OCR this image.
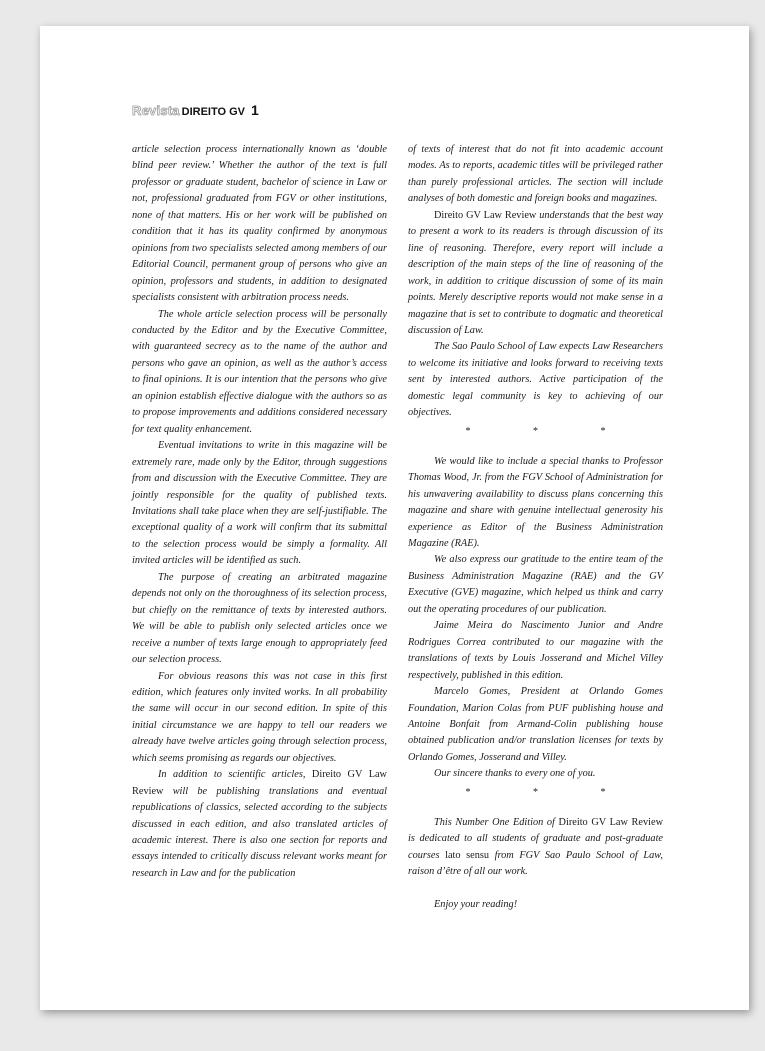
Revista DIREITO GV 1

article selection process internationally known as ‘double blind peer review.’ Whether the author of the text is full professor or graduate student, bachelor of science in Law or not, professional graduated from FGV or other institutions, none of that matters. His or her work will be published on condition that it has its quality confirmed by anonymous opinions from two specialists selected among members of our Editorial Council, permanent group of persons who give an opinion, professors and students, in addition to designated specialists consistent with arbitration process needs.

The whole article selection process will be personally conducted by the Editor and by the Executive Committee, with guaranteed secrecy as to the name of the author and persons who gave an opinion, as well as the author’s access to final opinions. It is our intention that the persons who give an opinion establish effective dialogue with the authors so as to propose improvements and additions considered necessary for text quality enhancement.

Eventual invitations to write in this magazine will be extremely rare, made only by the Editor, through suggestions from and discussion with the Executive Committee. They are jointly responsible for the quality of published texts. Invitations shall take place when they are self-justifiable. The exceptional quality of a work will confirm that its submittal to the selection process would be simply a formality. All invited articles will be identified as such.

The purpose of creating an arbitrated magazine depends not only on the thoroughness of its selection process, but chiefly on the remittance of texts by interested authors. We will be able to publish only selected articles once we receive a number of texts large enough to appropriately feed our selection process.

For obvious reasons this was not case in this first edition, which features only invited works. In all probability the same will occur in our second edition. In spite of this initial circumstance we are happy to tell our readers we already have twelve articles going through selection process, which seems promising as regards our objectives.

In addition to scientific articles, Direito GV Law Review will be publishing translations and eventual republications of classics, selected according to the subjects discussed in each edition, and also translated articles of academic interest. There is also one section for reports and essays intended to critically discuss relevant works meant for research in Law and for the publication

of texts of interest that do not fit into academic account modes. As to reports, academic titles will be privileged rather than purely professional articles. The section will include analyses of both domestic and foreign books and magazines.

Direito GV Law Review understands that the best way to present a work to its readers is through discussion of its line of reasoning. Therefore, every report will include a description of the main steps of the line of reasoning of the work, in addition to critique discussion of some of its main points. Merely descriptive reports would not make sense in a magazine that is set to contribute to dogmatic and theoretical discussion of Law.

The Sao Paulo School of Law expects Law Researchers to welcome its initiative and looks forward to receiving texts sent by interested authors. Active participation of the domestic legal community is key to achieving of our objectives.

* * *

We would like to include a special thanks to Professor Thomas Wood, Jr. from the FGV School of Administration for his unwavering availability to discuss plans concerning this magazine and share with genuine intellectual generosity his experience as Editor of the Business Administration Magazine (RAE).

We also express our gratitude to the entire team of the Business Administration Magazine (RAE) and the GV Executive (GVE) magazine, which helped us think and carry out the operating procedures of our publication.

Jaime Meira do Nascimento Junior and Andre Rodrigues Correa contributed to our magazine with the translations of texts by Louis Josserand and Michel Villey respectively, published in this edition.

Marcelo Gomes, President at Orlando Gomes Foundation, Marion Colas from PUF publishing house and Antoine Bonfait from Armand-Colin publishing house obtained publication and/or translation licenses for texts by Orlando Gomes, Josserand and Villey.

Our sincere thanks to every one of you.

* * *

This Number One Edition of Direito GV Law Review is dedicated to all students of graduate and post-graduate courses lato sensu from FGV Sao Paulo School of Law, raison d’être of all our work.

Enjoy your reading!
